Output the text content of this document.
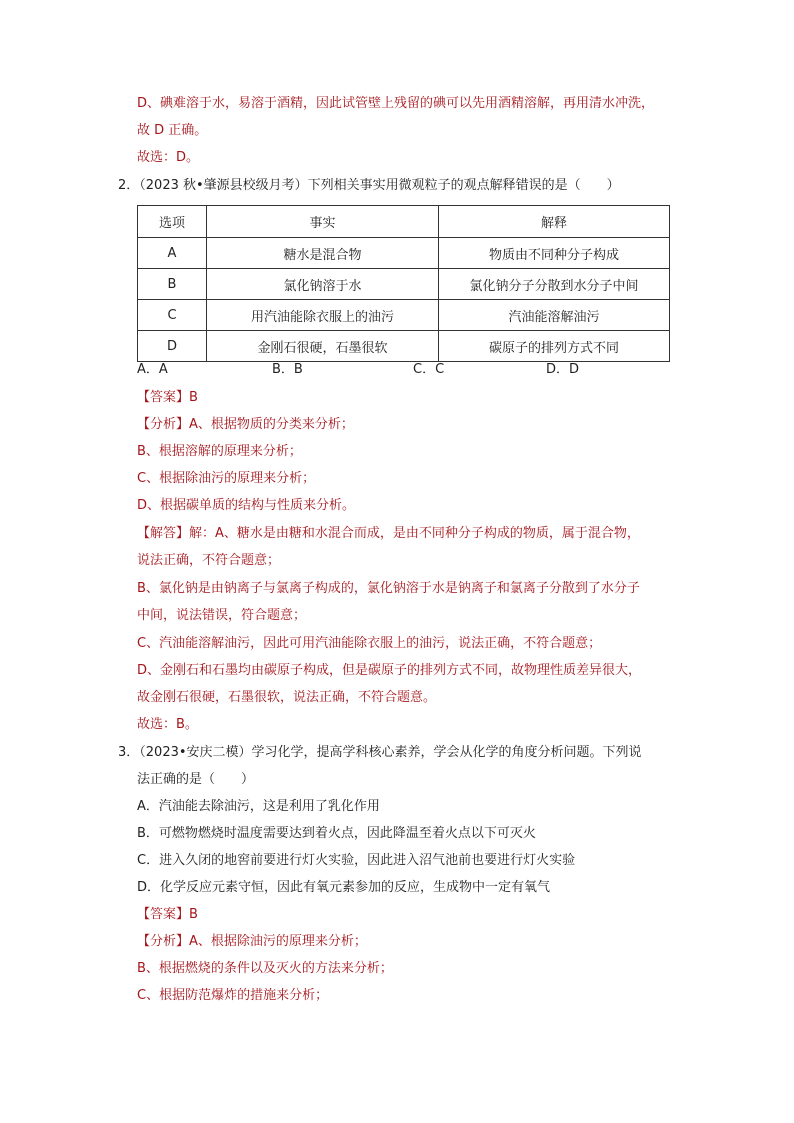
D、碘难溶于水，易溶于酒精，因此试管壁上残留的碘可以先用酒精溶解，再用清水冲洗，
故 D 正确。
故选：D。
2．（2023 秋•肇源县校级月考）下列相关事实用微观粒子的观点解释错误的是（　　）
选项	事实	解释
A	糖水是混合物	物质由不同种分子构成
B	氯化钠溶于水	氯化钠分子分散到水分子中间
C	用汽油能除衣服上的油污	汽油能溶解油污
D	金刚石很硬，石墨很软	碳原子的排列方式不同
A．A	B．B	C．C	D．D
【答案】B
【分析】A、根据物质的分类来分析；
B、根据溶解的原理来分析；
C、根据除油污的原理来分析；
D、根据碳单质的结构与性质来分析。
【解答】解：A、糖水是由糖和水混合而成，是由不同种分子构成的物质，属于混合物，
说法正确，不符合题意；
B、氯化钠是由钠离子与氯离子构成的，氯化钠溶于水是钠离子和氯离子分散到了水分子
中间，说法错误，符合题意；
C、汽油能溶解油污，因此可用汽油能除衣服上的油污，说法正确，不符合题意；
D、金刚石和石墨均由碳原子构成，但是碳原子的排列方式不同，故物理性质差异很大，
故金刚石很硬，石墨很软，说法正确，不符合题意。
故选：B。
3．（2023•安庆二模）学习化学，提高学科核心素养，学会从化学的角度分析问题。下列说
法正确的是（　　）
A．汽油能去除油污，这是利用了乳化作用
B．可燃物燃烧时温度需要达到着火点，因此降温至着火点以下可灭火
C．进入久闭的地窖前要进行灯火实验，因此进入沼气池前也要进行灯火实验
D．化学反应元素守恒，因此有氧元素参加的反应，生成物中一定有氧气
【答案】B
【分析】A、根据除油污的原理来分析；
B、根据燃烧的条件以及灭火的方法来分析；
C、根据防范爆炸的措施来分析；
